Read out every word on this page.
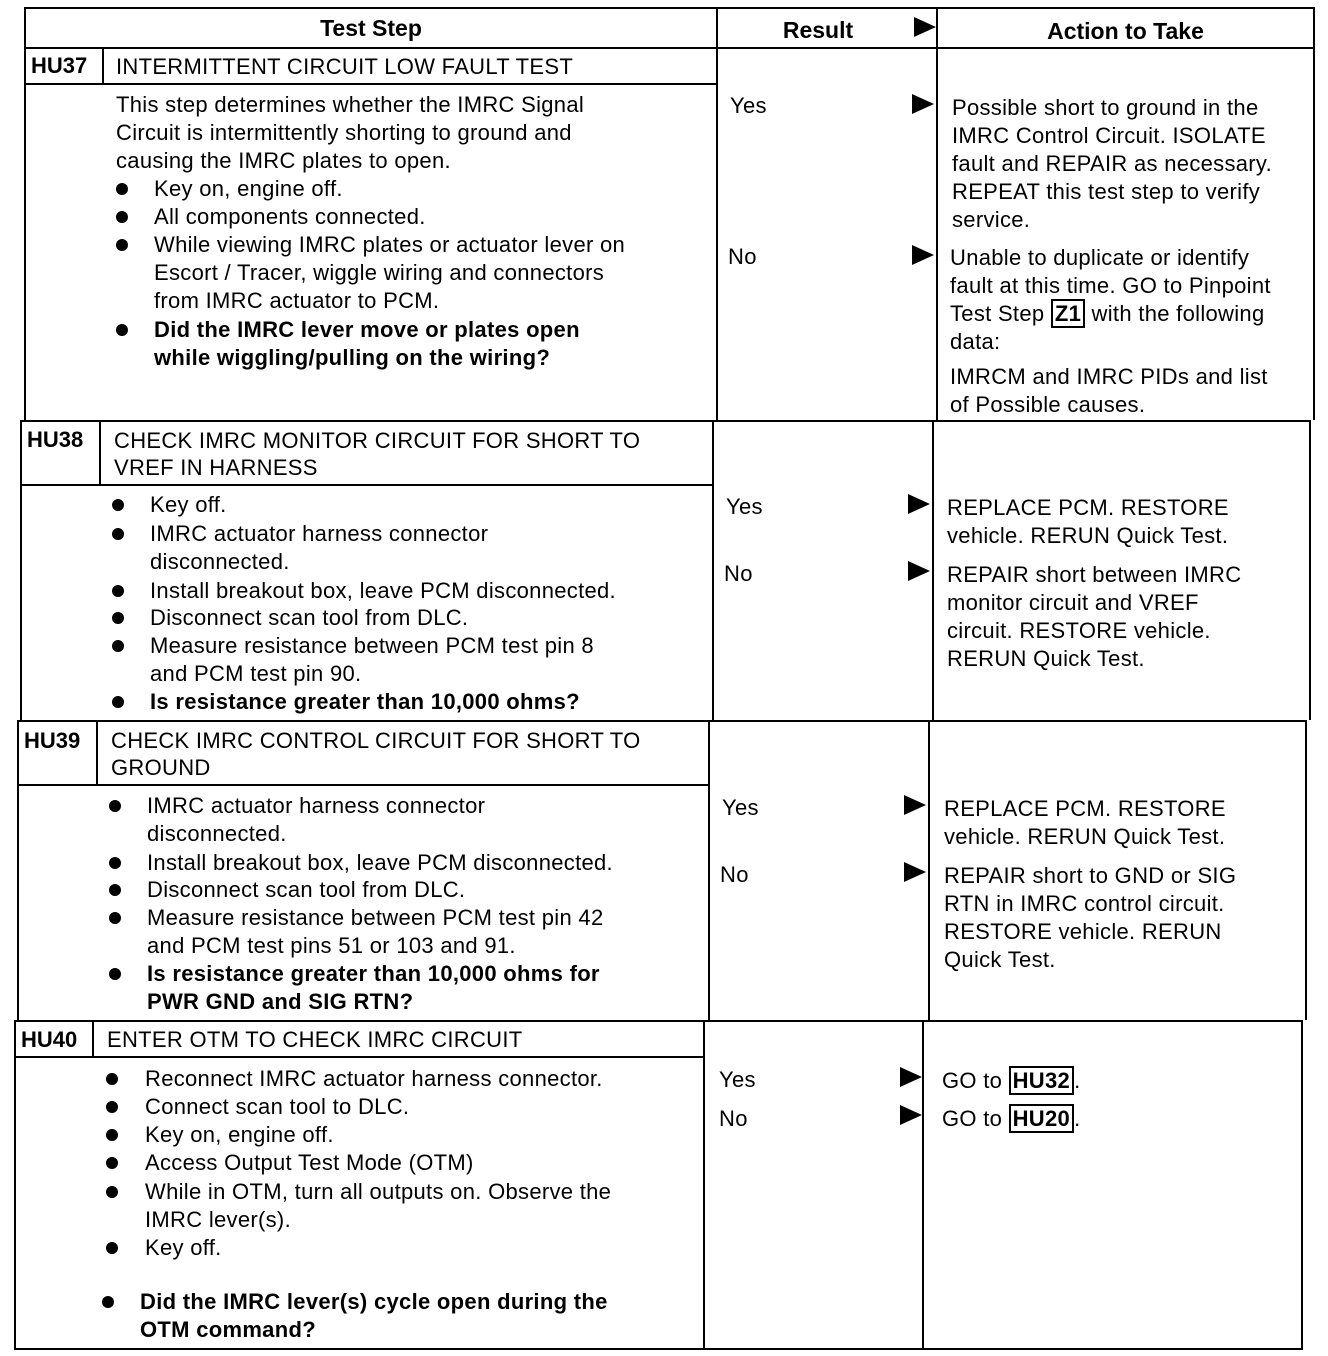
Test Step	Result	Action to Take
HU37 INTERMITTENT CIRCUIT LOW FAULT TEST
This step determines whether the IMRC Signal
Circuit is intermittently shorting to ground and
causing the IMRC plates to open.
Key on, engine off.
All components connected.
While viewing IMRC plates or actuator lever on
Escort / Tracer, wiggle wiring and connectors
from IMRC actuator to PCM.
Did the IMRC lever move or plates open
while wiggling/pulling on the wiring?
Yes	Possible short to ground in the
IMRC Control Circuit. ISOLATE
fault and REPAIR as necessary.
REPEAT this test step to verify
service.
No	Unable to duplicate or identify
fault at this time. GO to Pinpoint
Test Step Z1 with the following
data:
IMRCM and IMRC PIDs and list
of Possible causes.
HU38 CHECK IMRC MONITOR CIRCUIT FOR SHORT TO
VREF IN HARNESS
Key off.
IMRC actuator harness connector
disconnected.
Install breakout box, leave PCM disconnected.
Disconnect scan tool from DLC.
Measure resistance between PCM test pin 8
and PCM test pin 90.
Is resistance greater than 10,000 ohms?
Yes	REPLACE PCM. RESTORE
vehicle. RERUN Quick Test.
No	REPAIR short between IMRC
monitor circuit and VREF
circuit. RESTORE vehicle.
RERUN Quick Test.
HU39 CHECK IMRC CONTROL CIRCUIT FOR SHORT TO
GROUND
IMRC actuator harness connector
disconnected.
Install breakout box, leave PCM disconnected.
Disconnect scan tool from DLC.
Measure resistance between PCM test pin 42
and PCM test pins 51 or 103 and 91.
Is resistance greater than 10,000 ohms for
PWR GND and SIG RTN?
Yes	REPLACE PCM. RESTORE
vehicle. RERUN Quick Test.
No	REPAIR short to GND or SIG
RTN in IMRC control circuit.
RESTORE vehicle. RERUN
Quick Test.
HU40 ENTER OTM TO CHECK IMRC CIRCUIT
Reconnect IMRC actuator harness connector.
Connect scan tool to DLC.
Key on, engine off.
Access Output Test Mode (OTM)
While in OTM, turn all outputs on. Observe the
IMRC lever(s).
Key off.
Did the IMRC lever(s) cycle open during the
OTM command?
Yes	GO to HU32 .
No	GO to HU20 .
